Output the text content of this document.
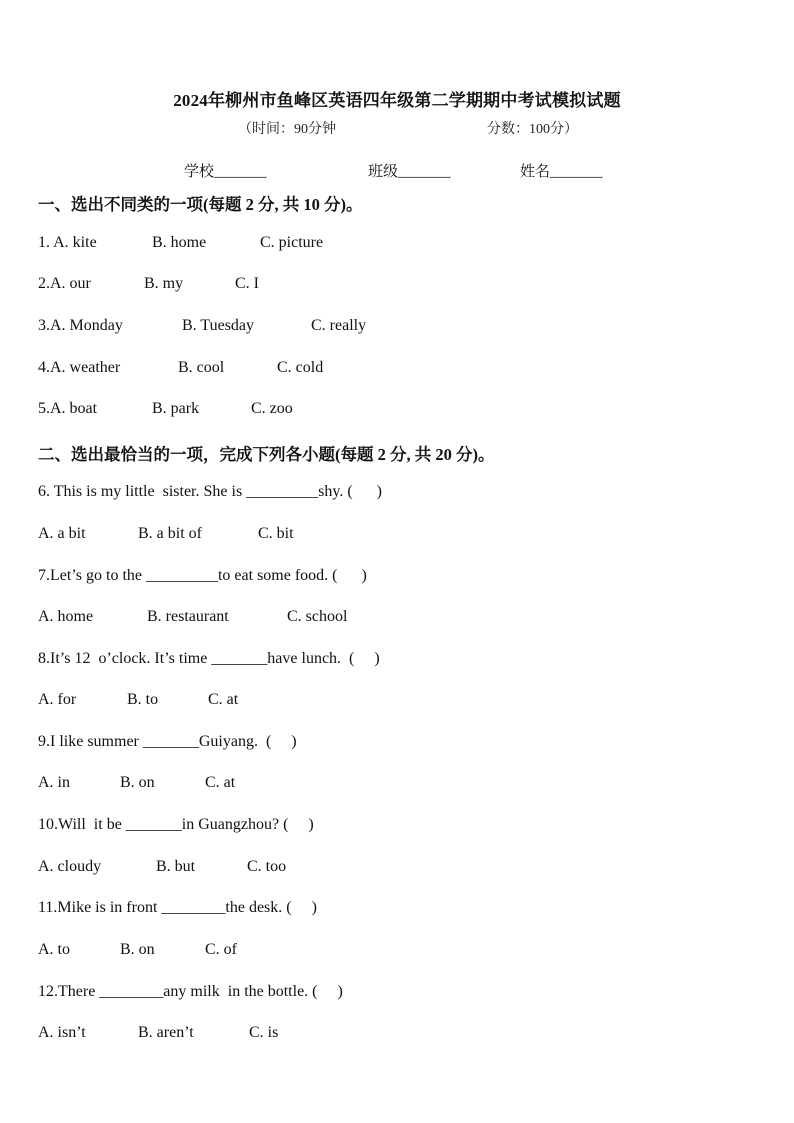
2024年柳州市鱼峰区英语四年级第二学期期中考试模拟试题
（时间：90分钟	分数：100分）
学校_______	班级_______	姓名_______
一、选出不同类的一项(每题 2 分, 共 10 分)。
1. A. kite	B. home	C. picture
2.A. our	B. my	C. I
3.A. Monday	B. Tuesday	C. really
4.A. weather	B. cool	C. cold
5.A. boat	B. park	C. zoo
二、选出最恰当的一项，完成下列各小题(每题 2 分, 共 20 分)。
6. This is my little  sister. She is _________shy. (      )
A. a bit	B. a bit of	C. bit
7.Let’s go to the _________to eat some food. (      )
A. home	B. restaurant	C. school
8.It’s 12  o’clock. It’s time _______have lunch.  (     )
A. for	B. to	C. at
9.I like summer _______Guiyang.  (     )
A. in	B. on	C. at
10.Will  it be _______in Guangzhou? (     )
A. cloudy	B. but	C. too
11.Mike is in front ________the desk. (     )
A. to	B. on	C. of
12.There ________any milk  in the bottle. (     )
A. isn’t	B. aren’t	C. is
